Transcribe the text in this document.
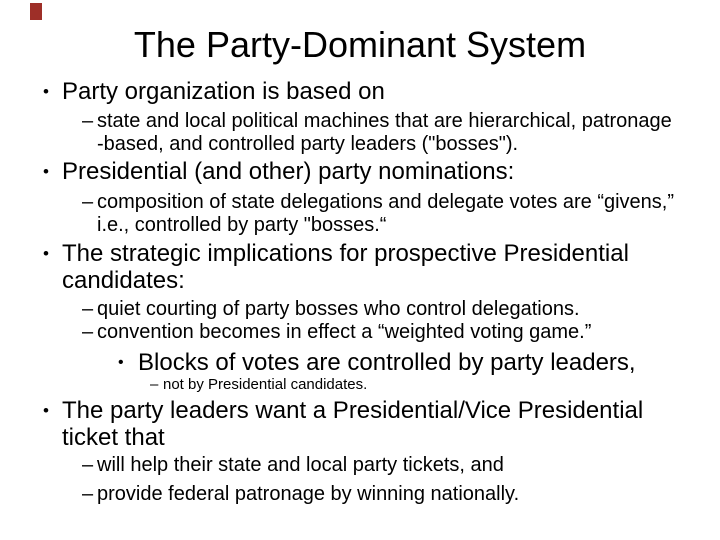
The Party-Dominant System
• Party organization is based on
– state and local political machines that are hierarchical, patronage
-based, and controlled party leaders ("bosses").
• Presidential (and other) party nominations:
– composition of state delegations and delegate votes are “givens,”
i.e., controlled by party "bosses.“
• The strategic implications for prospective Presidential
candidates:
– quiet courting of party bosses who control delegations.
– convention becomes in effect a “weighted voting game.”
• Blocks of votes are controlled by party leaders,
– not by Presidential candidates.
• The party leaders want a Presidential/Vice Presidential
ticket that
– will help their state and local party tickets, and
– provide federal patronage by winning nationally.
